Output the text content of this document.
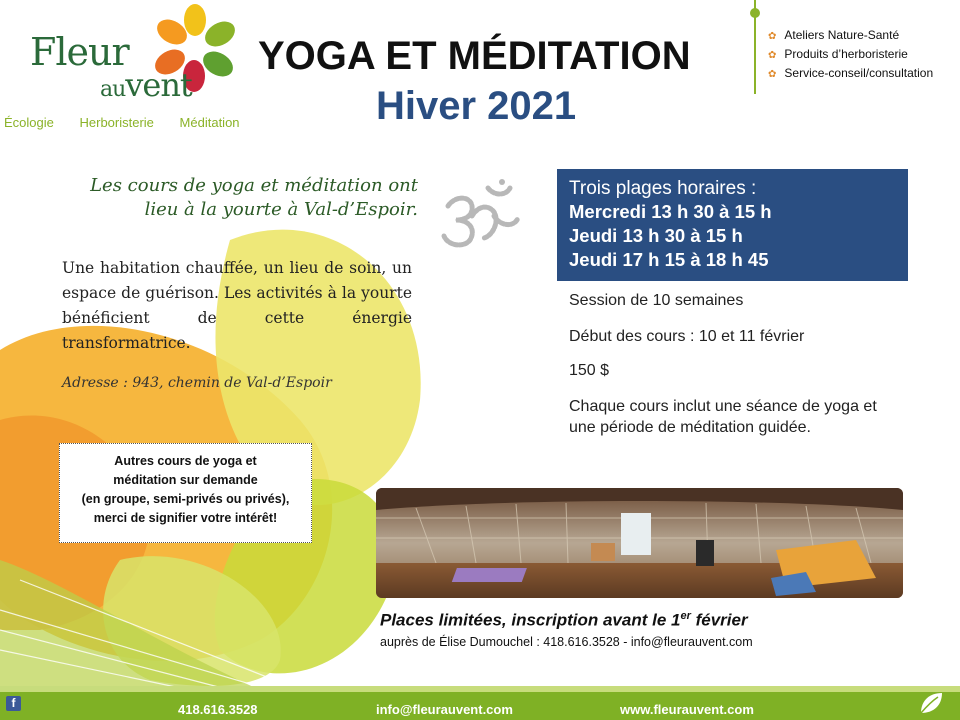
Fleur
auvent
Écologie Herboristerie Méditation
YOGA ET MÉDITATION
Hiver 2021
✿ Ateliers Nature-Santé
✿ Produits d’herboristerie
✿ Service-conseil/consultation
Les cours de yoga et méditation ont lieu à la yourte à Val-d’Espoir.
Une habitation chauffée, un lieu de soin, un espace de guérison. Les activités à la yourte bénéficient de cette énergie transformatrice.
Adresse : 943, chemin de Val-d’Espoir
Trois plages horaires :
Mercredi 13 h 30 à 15 h
Jeudi 13 h 30 à 15 h
Jeudi 17 h 15 à 18 h 45
Session de 10 semaines
Début des cours : 10 et 11 février
150 $
Chaque cours inclut une séance de yoga et une période de méditation guidée.

Autres cours de yoga et

méditation sur demande

(en groupe, semi-privés ou privés),

merci de signifier votre intérêt!

Places limitées, inscription avant le 1er février
auprès de Élise Dumouchel : 418.616.3528 - info@fleurauvent.com
f	418.616.3528	info@fleurauvent.com	www.fleurauvent.com
